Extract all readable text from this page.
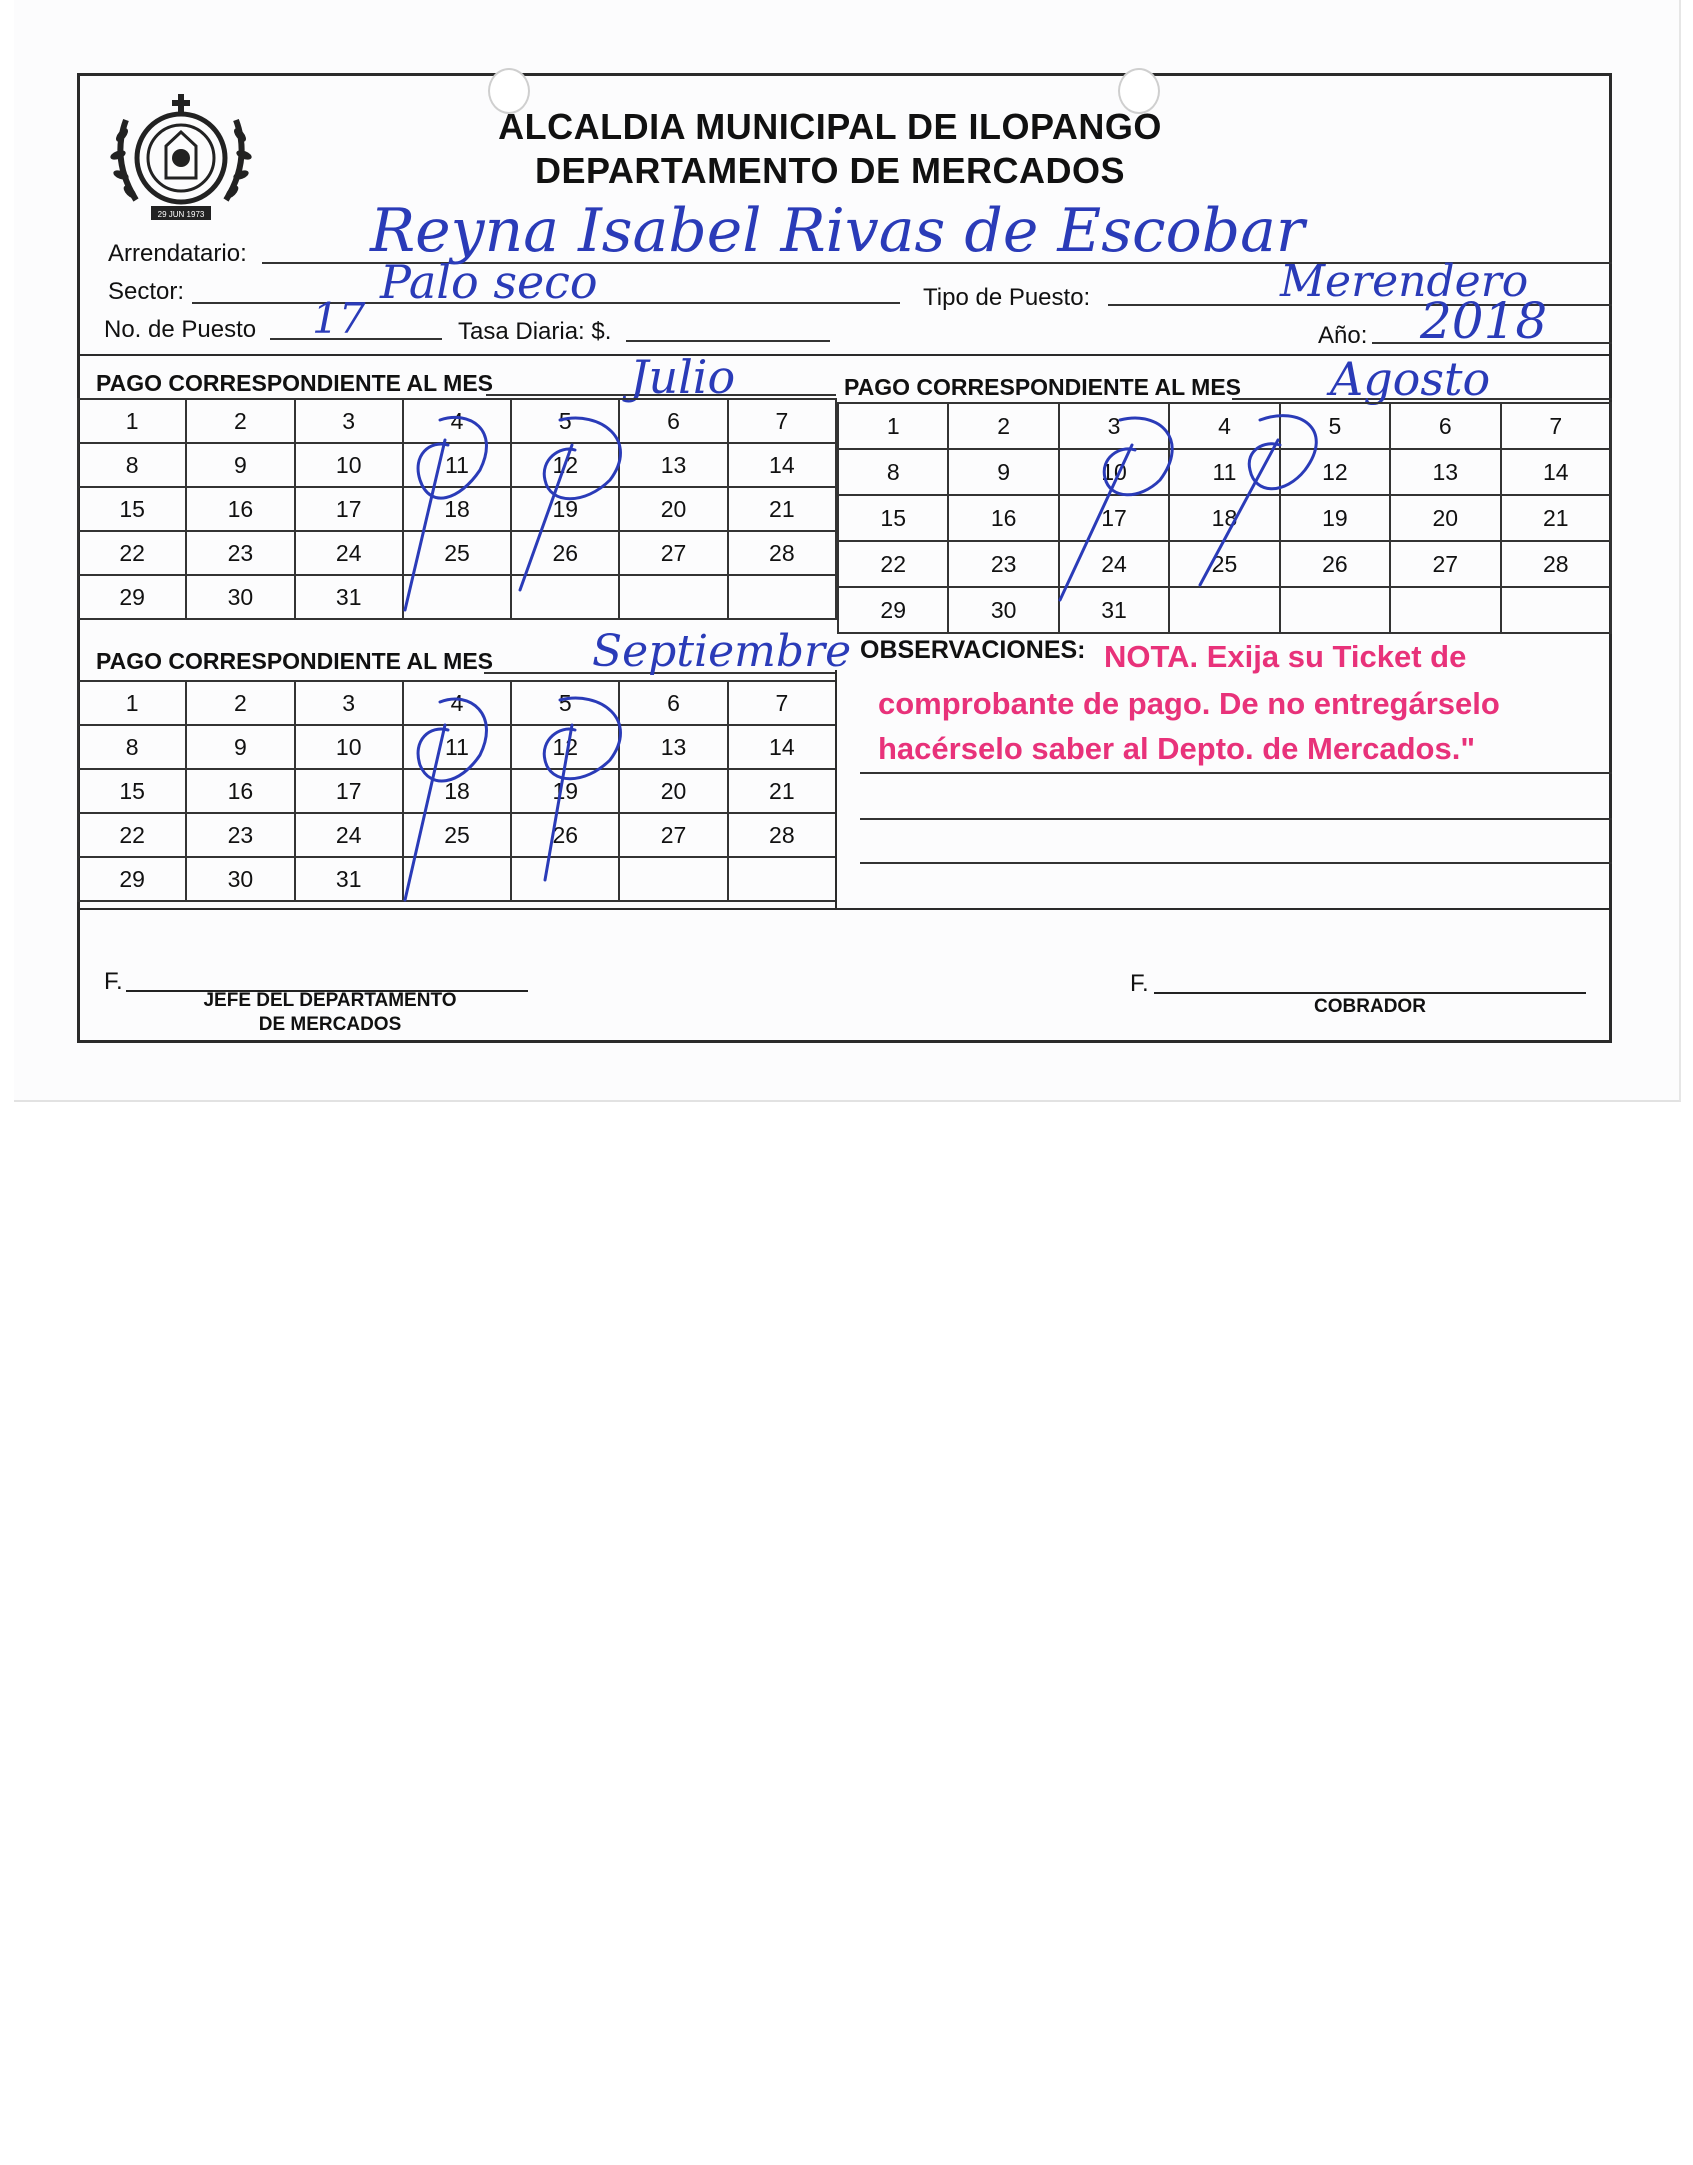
29 JUN 1973
ALCALDIA MUNICIPAL DE ILOPANGO
DEPARTAMENTO DE MERCADOS
Arrendatario: Reyna Isabel Rivas de Escobar
Sector:	Palo seco	Tipo de Puesto:	Merendero
No. de Puesto 17	Tasa Diaria: $.	Año: 2018
PAGO CORRESPONDIENTE AL MES	Julio
1	2	3	4	5	6	7
8	9	10	11	12	13	14
15	16	17	18	19	20	21
22	23	24	25	26	27	28
29	30	31				
PAGO CORRESPONDIENTE AL MES Agosto
1	2	3	4	5	6	7
8	9	10	11	12	13	14
15	16	17	18	19	20	21
22	23	24	25	26	27	28
29	30	31				
PAGO CORRESPONDIENTE AL MES Septiembre
1	2	3	4	5	6	7
8	9	10	11	12	13	14
15	16	17	18	19	20	21
22	23	24	25	26	27	28
29	30	31				
OBSERVACIONES: NOTA. Exija su Ticket de
comprobante de pago. De no entregárselo
hacérselo saber al Depto. de Mercados."
F.
JEFE DEL DEPARTAMENTO
DE MERCADOS
F.
COBRADOR
